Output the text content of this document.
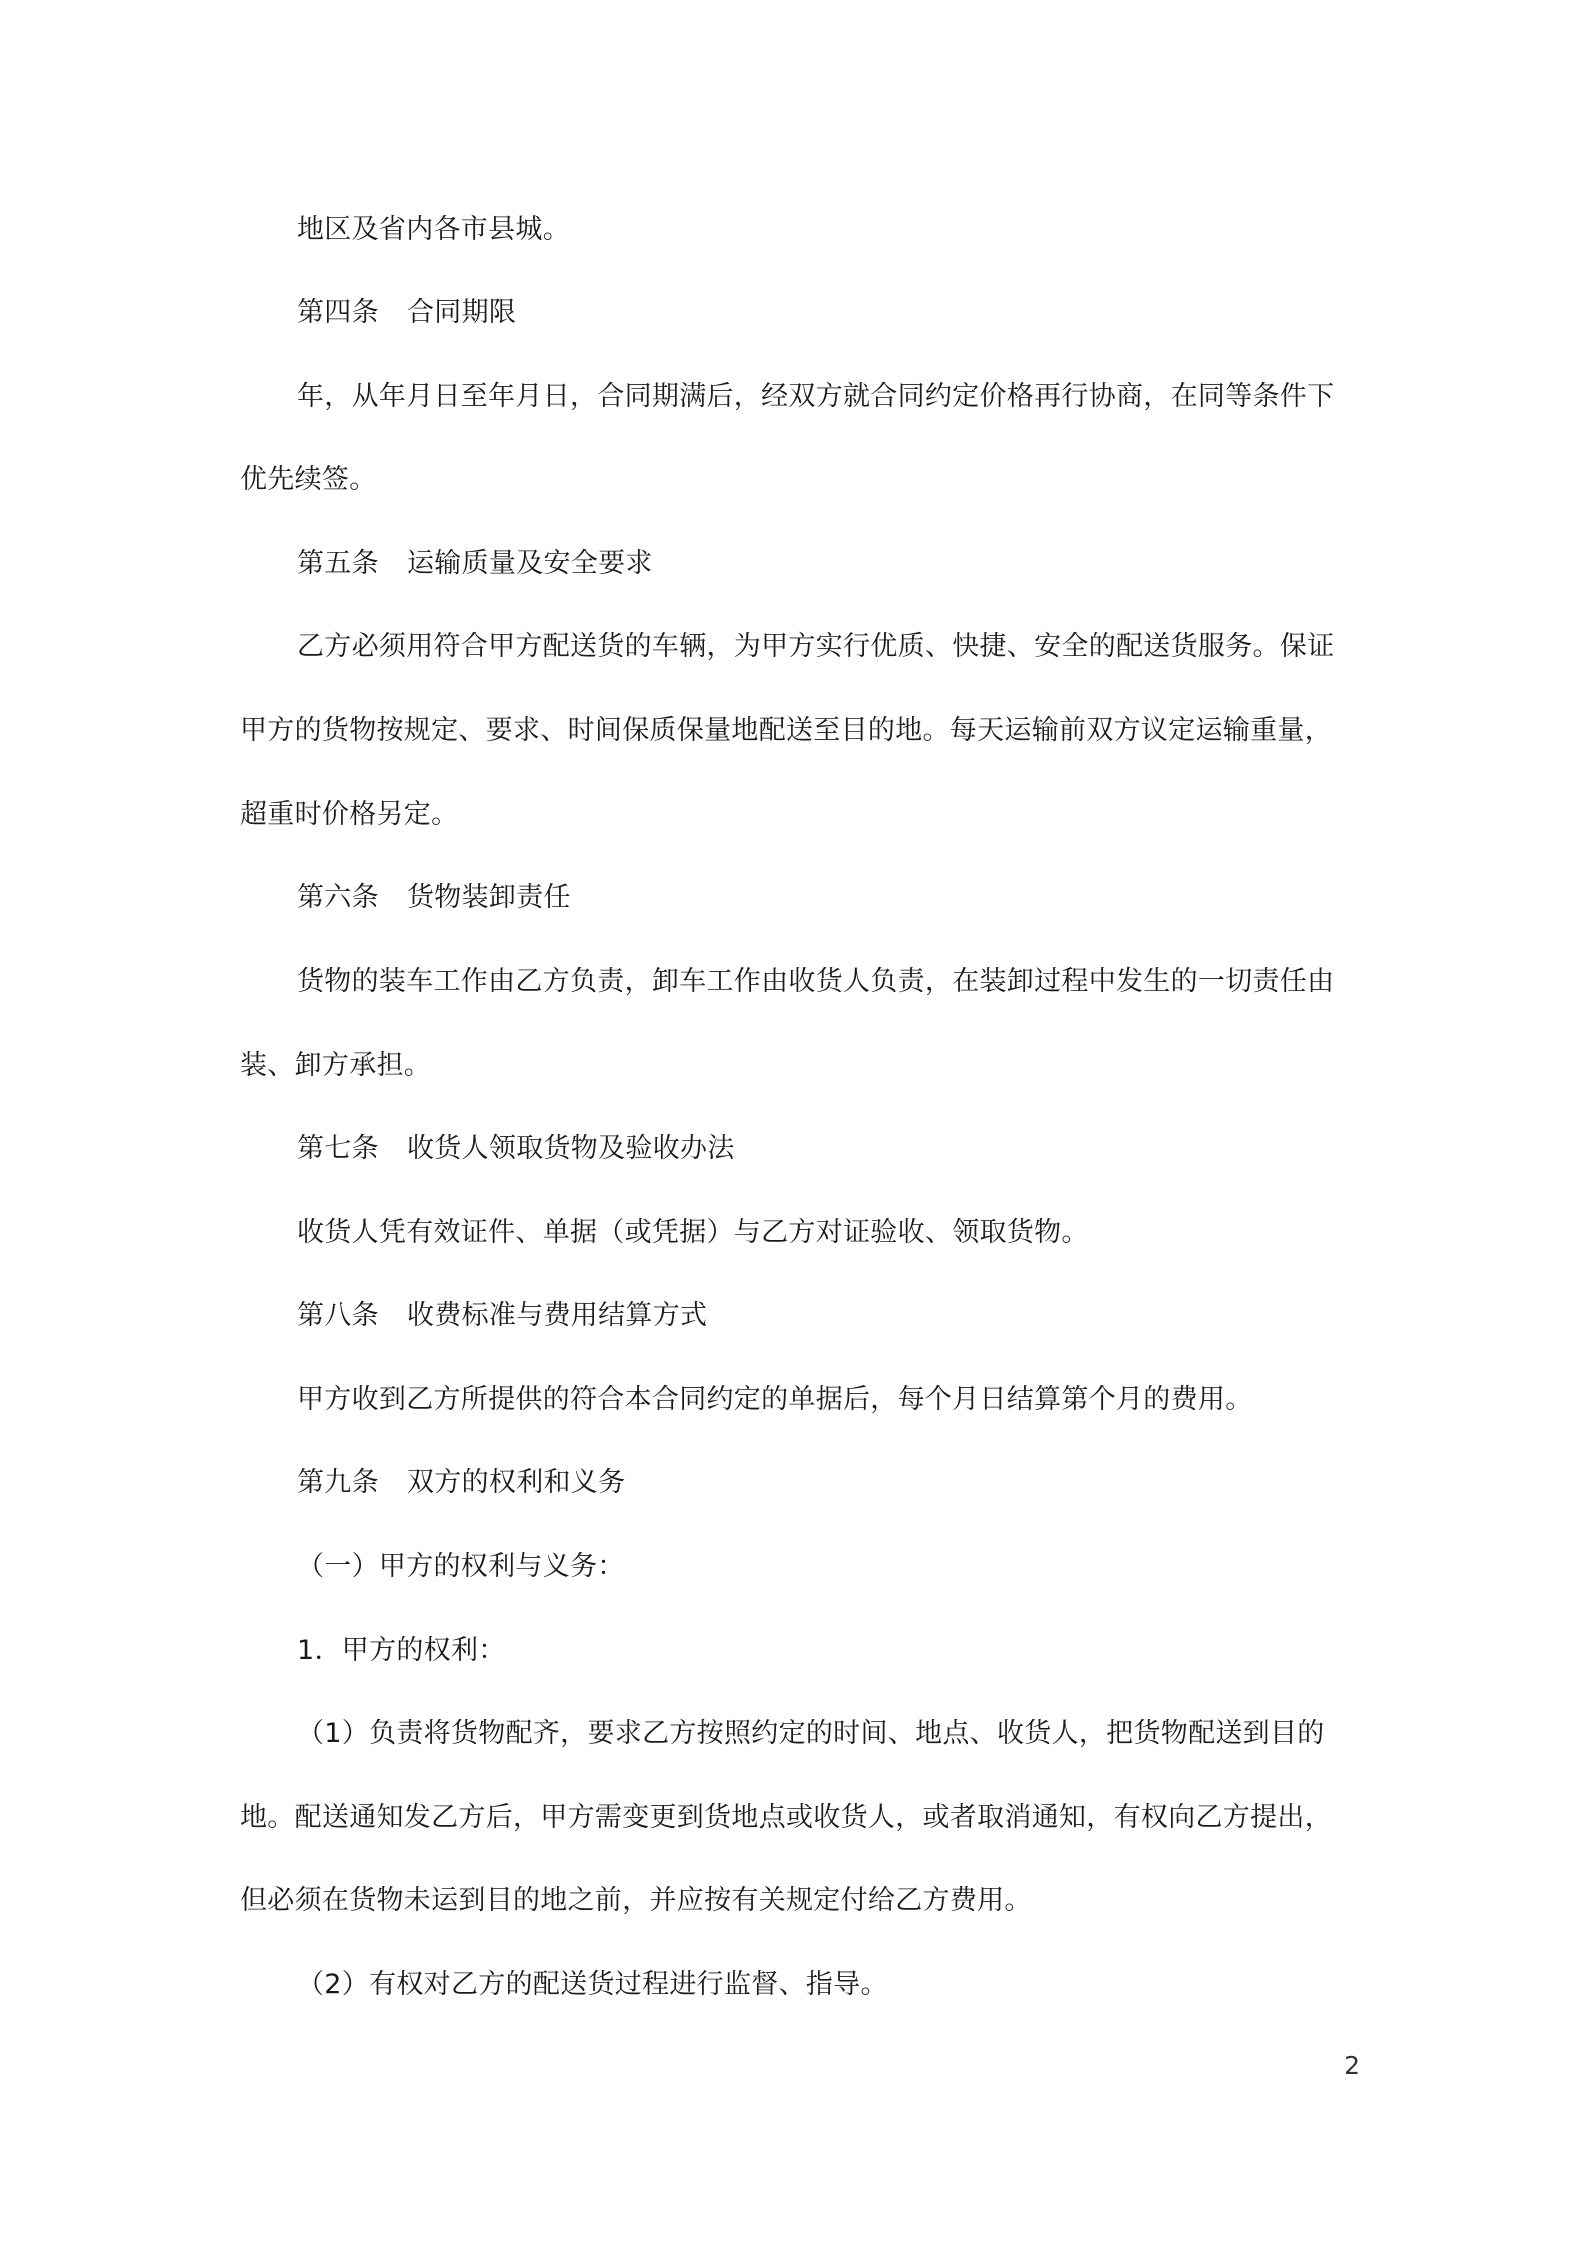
地区及省内各市县城。

第四条 合同期限

年，从年月日至年月日，合同期满后，经双方就合同约定价格再行协商，在同等条件下

优先续签。

第五条 运输质量及安全要求

乙方必须用符合甲方配送货的车辆，为甲方实行优质、快捷、安全的配送货服务。保证

甲方的货物按规定、要求、时间保质保量地配送至目的地。每天运输前双方议定运输重量，

超重时价格另定。

第六条 货物装卸责任

货物的装车工作由乙方负责，卸车工作由收货人负责，在装卸过程中发生的一切责任由

装、卸方承担。

第七条 收货人领取货物及验收办法

收货人凭有效证件、单据（或凭据）与乙方对证验收、领取货物。

第八条 收费标准与费用结算方式

甲方收到乙方所提供的符合本合同约定的单据后，每个月日结算第个月的费用。

第九条 双方的权利和义务

（一）甲方的权利与义务：

1．甲方的权利：

（1）负责将货物配齐，要求乙方按照约定的时间、地点、收货人，把货物配送到目的

地。配送通知发乙方后，甲方需变更到货地点或收货人，或者取消通知，有权向乙方提出，

但必须在货物未运到目的地之前，并应按有关规定付给乙方费用。

（2）有权对乙方的配送货过程进行监督、指导。

2
